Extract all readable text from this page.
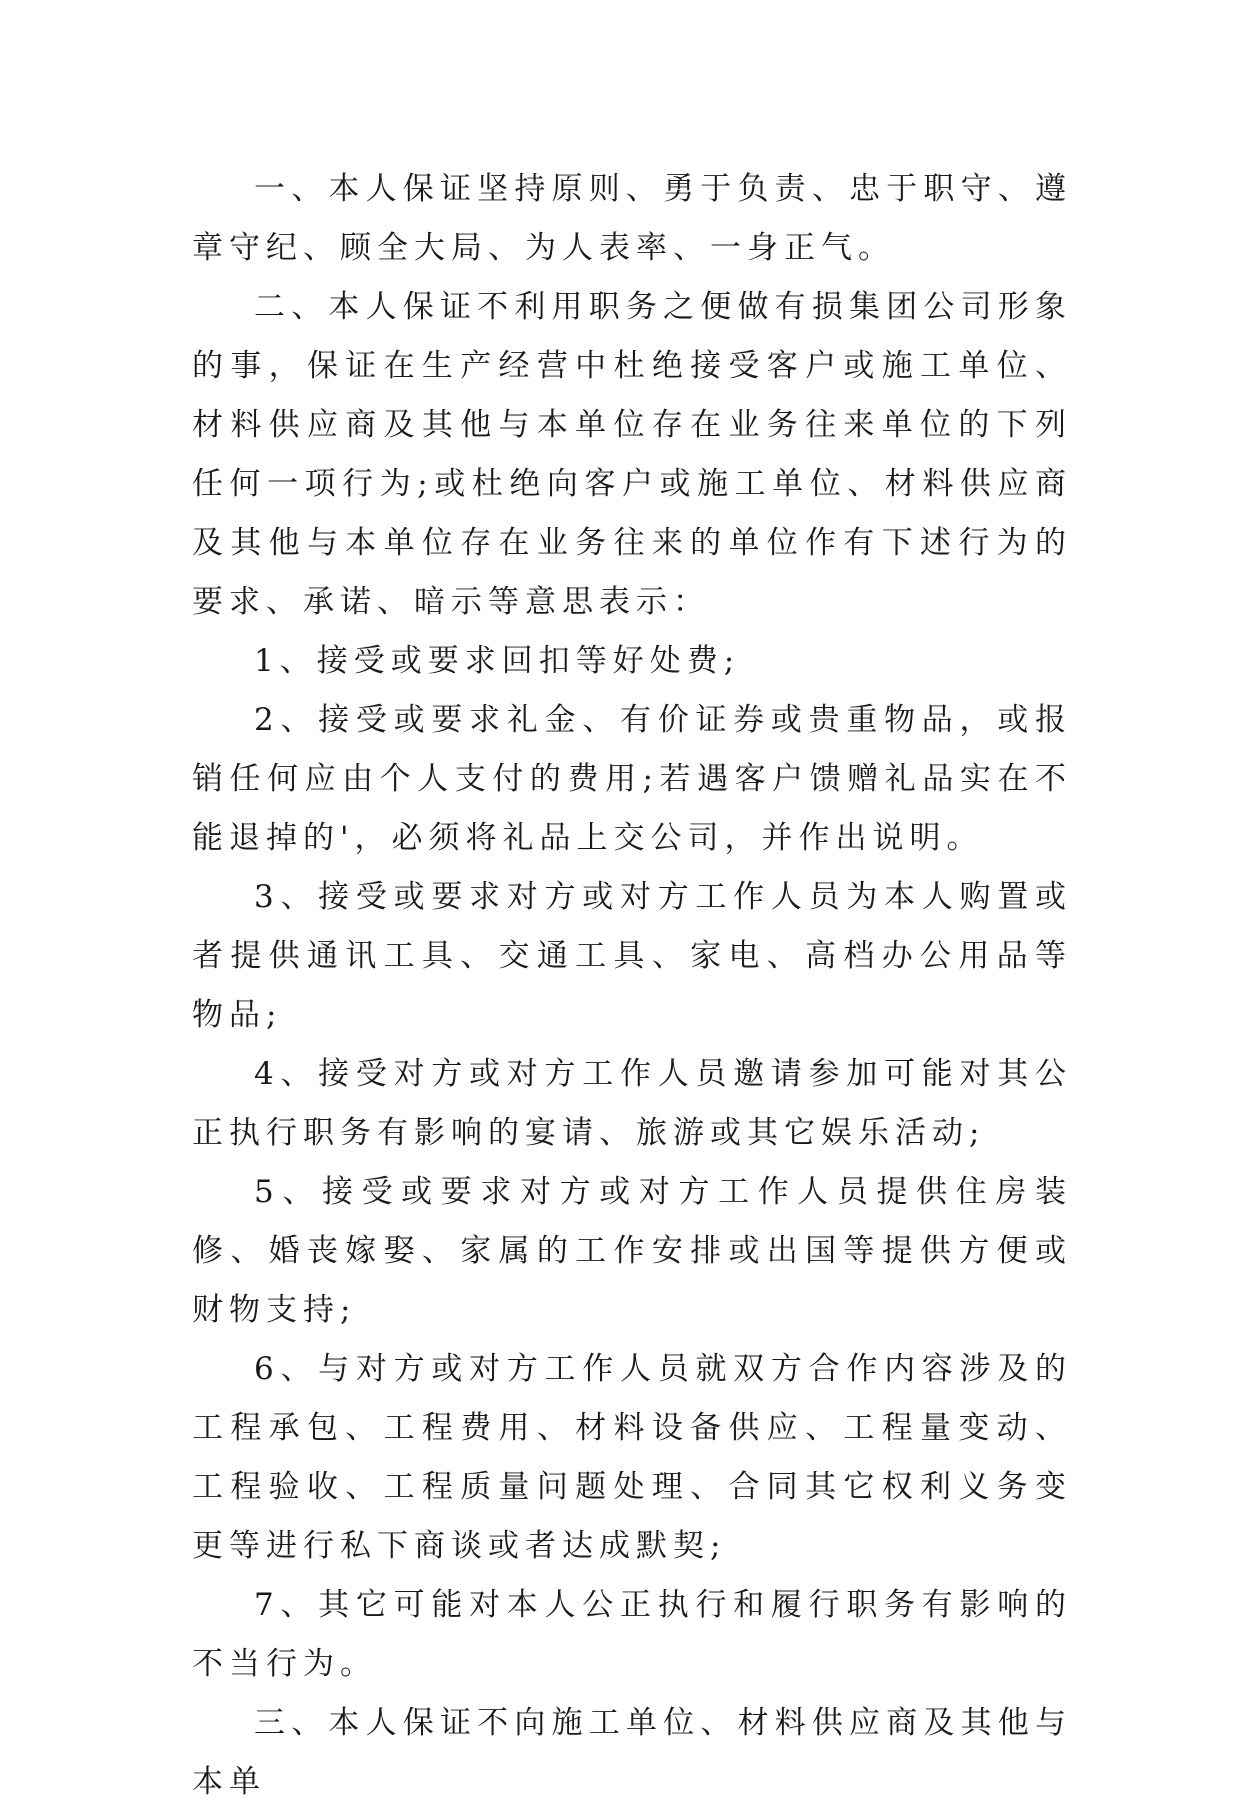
一、本人保证坚持原则、勇于负责、忠于职守、遵章守纪、顾全大局、为人表率、一身正气。

二、本人保证不利用职务之便做有损集团公司形象的事，保证在生产经营中杜绝接受客户或施工单位、材料供应商及其他与本单位存在业务往来单位的下列任何一项行为;或杜绝向客户或施工单位、材料供应商及其他与本单位存在业务往来的单位作有下述行为的要求、承诺、暗示等意思表示：

1、接受或要求回扣等好处费;

2、接受或要求礼金、有价证券或贵重物品，或报销任何应由个人支付的费用;若遇客户馈赠礼品实在不能退掉的'，必须将礼品上交公司，并作出说明。

3、接受或要求对方或对方工作人员为本人购置或者提供通讯工具、交通工具、家电、高档办公用品等物品;

4、接受对方或对方工作人员邀请参加可能对其公正执行职务有影响的宴请、旅游或其它娱乐活动;

5、接受或要求对方或对方工作人员提供住房装修、婚丧嫁娶、家属的工作安排或出国等提供方便或财物支持;

6、与对方或对方工作人员就双方合作内容涉及的工程承包、工程费用、材料设备供应、工程量变动、工程验收、工程质量问题处理、合同其它权利义务变更等进行私下商谈或者达成默契;

7、其它可能对本人公正执行和履行职务有影响的不当行为。

三、本人保证不向施工单位、材料供应商及其他与本单
